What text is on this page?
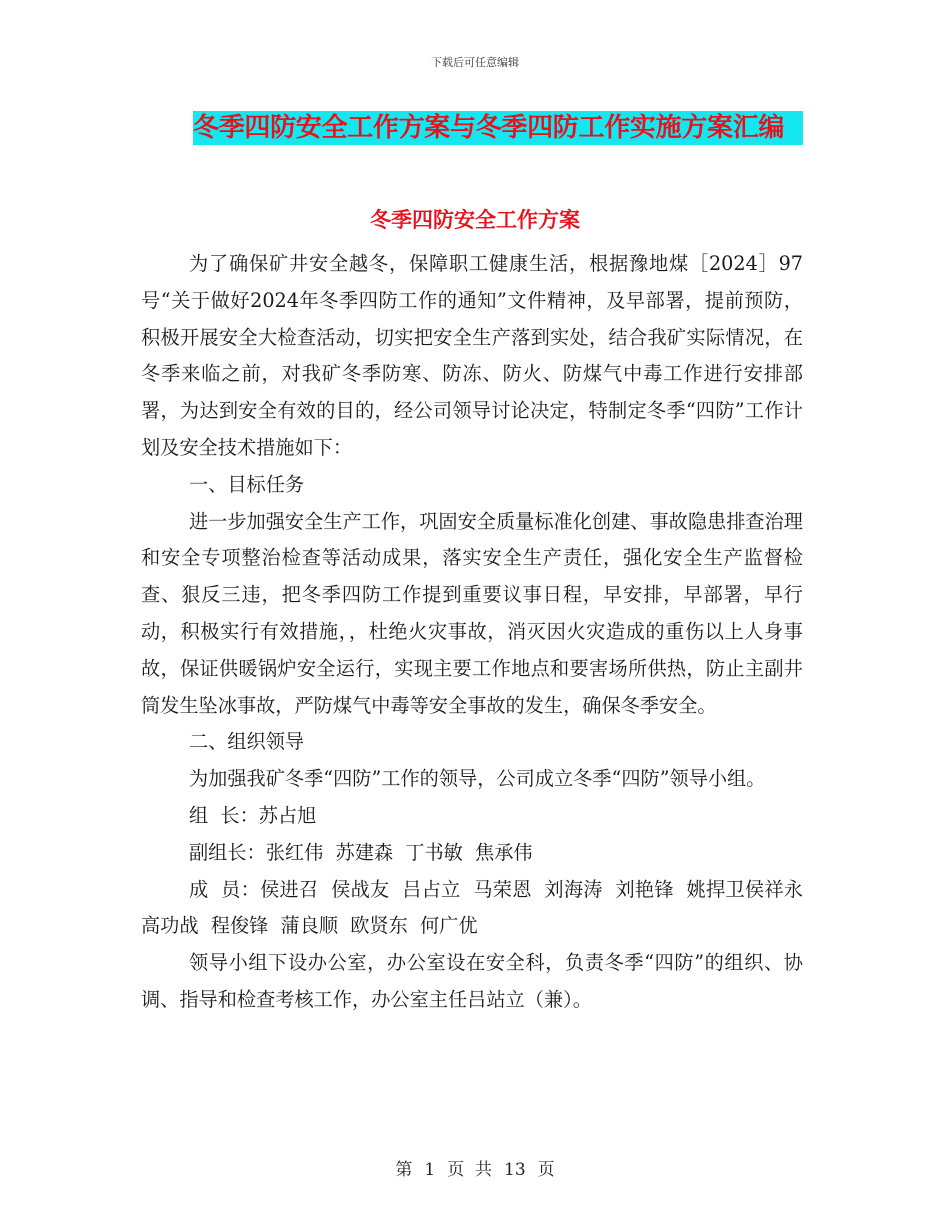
下载后可任意编辑
冬季四防安全工作方案与冬季四防工作实施方案汇编
冬季四防安全工作方案

为了确保矿井安全越冬，保障职工健康生活，根据豫地煤［2024］97号“关于做好2024年冬季四防工作的通知”文件精神，及早部署，提前预防，积极开展安全大检查活动，切实把安全生产落到实处，结合我矿实际情况，在冬季来临之前，对我矿冬季防寒、防冻、防火、防煤气中毒工作进行安排部署，为达到安全有效的目的，经公司领导讨论决定，特制定冬季“四防”工作计划及安全技术措施如下：

一、目标任务

进一步加强安全生产工作，巩固安全质量标准化创建、事故隐患排查治理和安全专项整治检查等活动成果，落实安全生产责任，强化安全生产监督检查、狠反三违，把冬季四防工作提到重要议事日程，早安排，早部署，早行动，积极实行有效措施，，杜绝火灾事故，消灭因火灾造成的重伤以上人身事故，保证供暖锅炉安全运行，实现主要工作地点和要害场所供热，防止主副井筒发生坠冰事故，严防煤气中毒等安全事故的发生，确保冬季安全。

二、组织领导

为加强我矿冬季“四防”工作的领导，公司成立冬季“四防”领导小组。

组  长：苏占旭

副组长：张红伟  苏建森  丁书敏  焦承伟

成  员：侯进召  侯战友  吕占立  马荣恩  刘海涛  刘艳锋  姚捍卫侯祥永  高功战  程俊锋  蒲良顺  欧贤东  何广优

领导小组下设办公室，办公室设在安全科，负责冬季“四防”的组织、协调、指导和检查考核工作，办公室主任吕站立（兼）。

第 1 页  共 13 页
